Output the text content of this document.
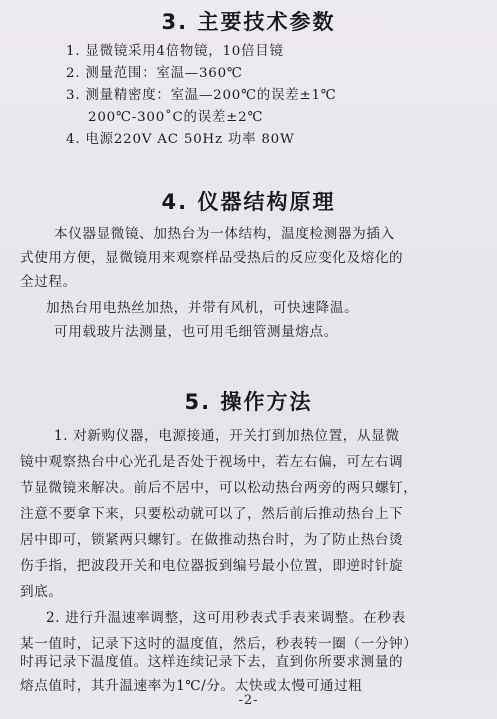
3. 主要技术参数
1. 显微镜采用4倍物镜，10倍目镜
2. 测量范围：室温—360℃
3. 测量精密度：室温—200℃的误差±1℃
200℃-300˚C的误差±2℃
4. 电源220V AC 50Hz 功率 80W
4. 仪器结构原理
本仪器显微镜、加热台为一体结构，温度检测器为插入
式使用方便，显微镜用来观察样品受热后的反应变化及熔化的
全过程。
加热台用电热丝加热，并带有风机，可快速降温。
可用载玻片法测量，也可用毛细管测量熔点。
5. 操作方法
1. 对新购仪器，电源接通，开关打到加热位置，从显微
镜中观察热台中心光孔是否处于视场中，若左右偏，可左右调
节显微镜来解决。前后不居中，可以松动热台两旁的两只螺钉，
注意不要拿下来，只要松动就可以了，然后前后推动热台上下
居中即可，锁紧两只螺钉。在做推动热台时，为了防止热台烫
伤手指，把波段开关和电位器扳到编号最小位置，即逆时针旋
到底。
2. 进行升温速率调整，这可用秒表式手表来调整。在秒表
某一值时，记录下这时的温度值，然后，秒表转一圈（一分钟）
时再记录下温度值。这样连续记录下去，直到你所要求测量的
熔点值时，其升温速率为1℃/分。太快或太慢可通过粗
-2-
